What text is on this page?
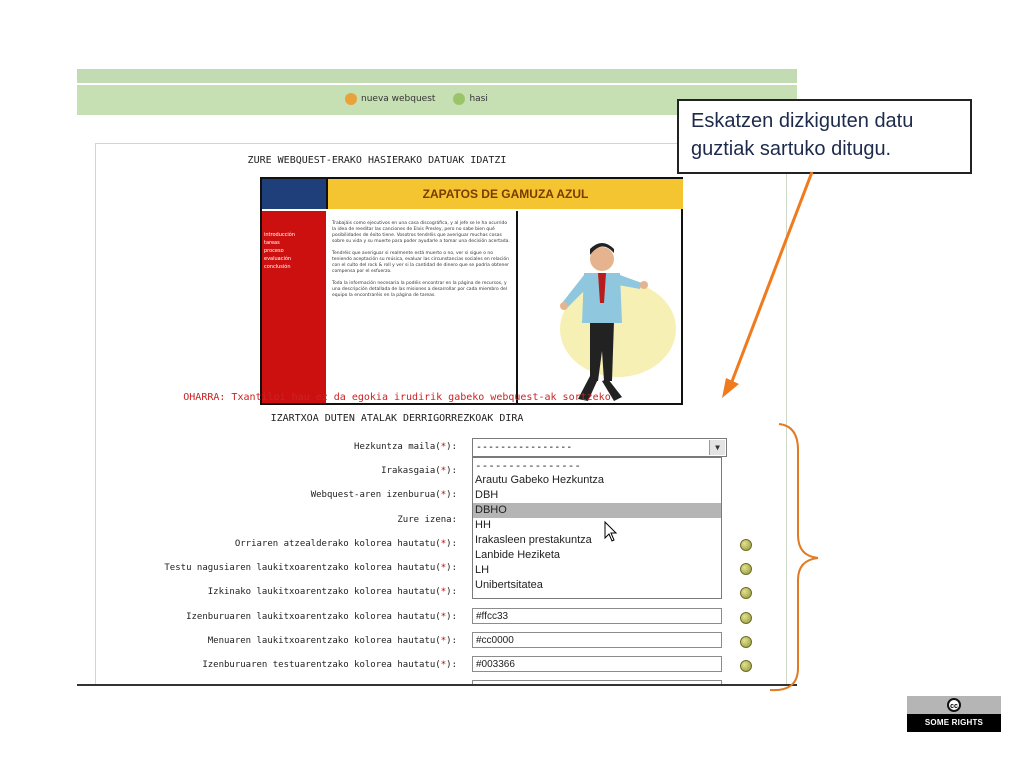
nueva webquest	hasi
ZURE WEBQUEST-ERAKO HASIERAKO DATUAK IDATZI
ZAPATOS DE GAMUZA AZUL
introducción
tareas
proceso
evaluación
conclusión

Trabajáis como ejecutivos en una casa discográfica, y al jefe se le ha ocurrido la idea de reeditar las canciones de Elvis Presley, pero no sabe bien qué posibilidades de éxito tiene. Vosotros tendréis que averiguar muchas cosas sobre su vida y su muerte para poder ayudarle a tomar una decisión acertada.

Tendréis que averiguar si realmente está muerto o no, ver si sigue o no teniendo aceptación su música, evaluar las circunstancias sociales en relación con el culto del rock & roll y ver si la cantidad de dinero que se podría obtener compensa por el esfuerzo.

Toda la información necesaria la podéis encontrar en la página de recursos, y una descripción detallada de las misiones a desarrollar por cada miembro del equipo la encontraréis en la página de tareas.

OHARRA: Txantiloi hau ez da egokia irudirik gabeko webquest-ak sortzeko
IZARTXOA DUTEN ATALAK DERRIGORREZKOAK DIRA
Hezkuntza maila(*):
Irakasgaia(*):
Webquest-aren izenburua(*):
Zure izena:
Orriaren atzealderako kolorea hautatu(*):
Testu nagusiaren laukitxoarentzako kolorea hautatu(*):
Izkinako laukitxoarentzako kolorea hautatu(*):
Izenburuaren laukitxoarentzako kolorea hautatu(*):
Menuaren laukitxoarentzako kolorea hautatu(*):
Izenburuaren testuarentzako kolorea hautatu(*):
#ffcc33
#cc0000
#003366
----------------	▼
----------------
Arautu Gabeko Hezkuntza
DBH
DBHO
HH
Irakasleen prestakuntza
Lanbide Heziketa
LH
Unibertsitatea
Eskatzen dizkiguten datu guztiak sartuko ditugu.
cc
SOME RIGHTS RESERVED
